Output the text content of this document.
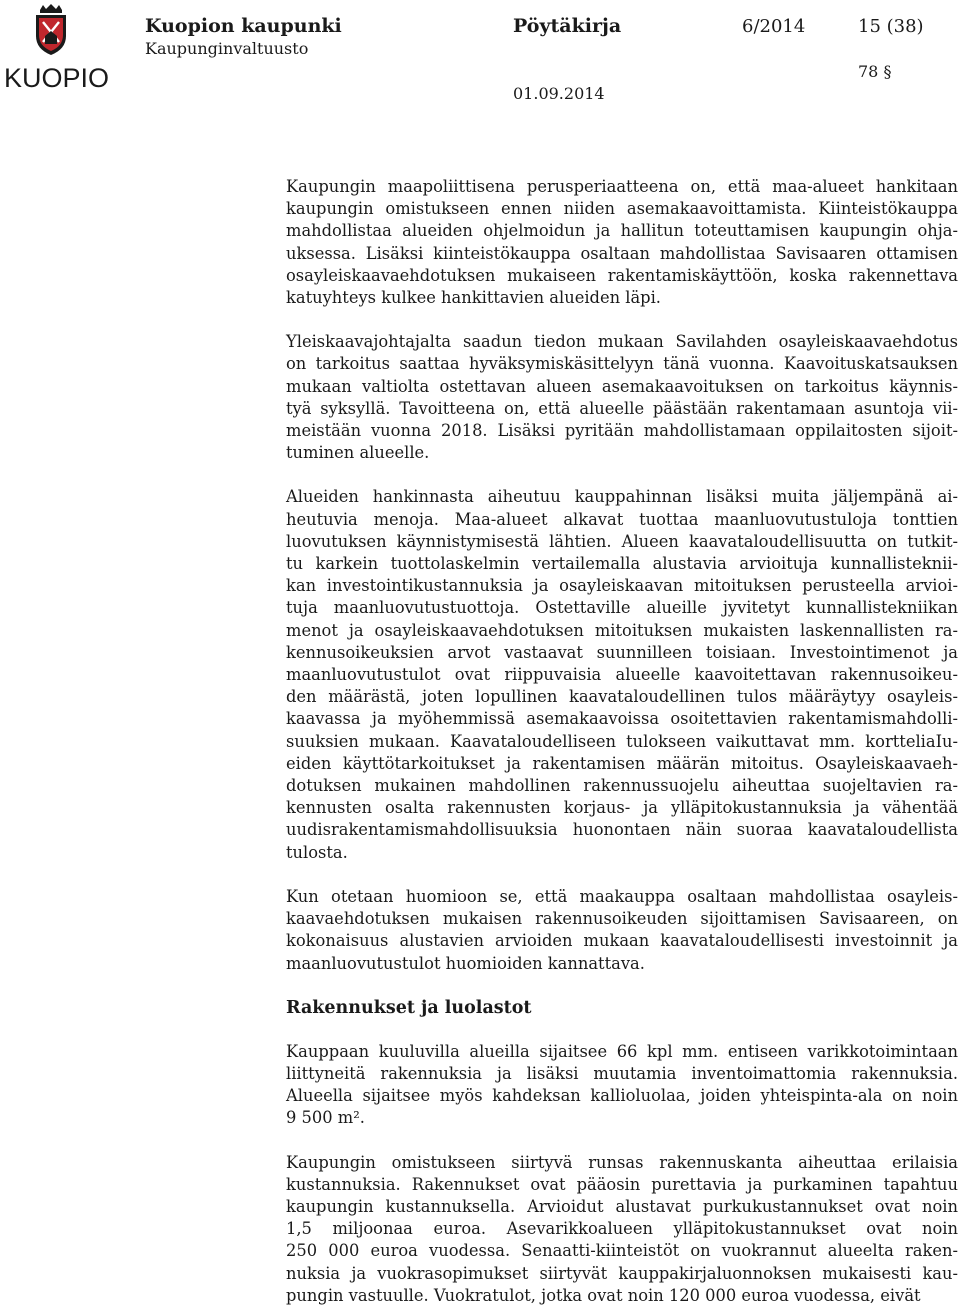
KUOPIO
Kuopion kaupunki
Kaupunginvaltuusto
Pöytäkirja	6/2014	15 (38)
78 §
01.09.2014

Kaupungin maapoliittisena perusperiaatteena on, että maa-alueet hankitaan
kaupungin omistukseen ennen niiden asemakaavoittamista. Kiinteistökauppa
mahdollistaa alueiden ohjelmoidun ja hallitun toteuttamisen kaupungin ohja-
uksessa. Lisäksi kiinteistökauppa osaltaan mahdollistaa Savisaaren ottamisen
osayleiskaavaehdotuksen mukaiseen rakentamiskäyttöön, koska rakennettava
katuyhteys kulkee hankittavien alueiden läpi.

Yleiskaavajohtajalta saadun tiedon mukaan Savilahden osayleiskaavaehdotus
on tarkoitus saattaa hyväksymiskäsittelyyn tänä vuonna. Kaavoituskatsauksen
mukaan valtiolta ostettavan alueen asemakaavoituksen on tarkoitus käynnis-
tyä syksyllä. Tavoitteena on, että alueelle päästään rakentamaan asuntoja vii-
meistään vuonna 2018. Lisäksi pyritään mahdollistamaan oppilaitosten sijoit-
tuminen alueelle.

Alueiden hankinnasta aiheutuu kauppahinnan lisäksi muita jäljempänä ai-
heutuvia menoja. Maa-alueet alkavat tuottaa maanluovutustuloja tonttien
luovutuksen käynnistymisestä lähtien. Alueen kaavataloudellisuutta on tutkit-
tu karkein tuottolaskelmin vertailemalla alustavia arvioituja kunnallisteknii-
kan investointikustannuksia ja osayleiskaavan mitoituksen perusteella arvioi-
tuja maanluovutustuottoja. Ostettaville alueille jyvitetyt kunnallistekniikan
menot ja osayleiskaavaehdotuksen mitoituksen mukaisten laskennallisten ra-
kennusoikeuksien arvot vastaavat suunnilleen toisiaan. Investointimenot ja
maanluovutustulot ovat riippuvaisia alueelle kaavoitettavan rakennusoikeu-
den määrästä, joten lopullinen kaavataloudellinen tulos määräytyy osayleis-
kaavassa ja myöhemmissä asemakaavoissa osoitettavien rakentamismahdolli-
suuksien mukaan. Kaavataloudelliseen tulokseen vaikuttavat mm. kortteliaIu-
eiden käyttötarkoitukset ja rakentamisen määrän mitoitus. Osayleiskaavaeh-
dotuksen mukainen mahdollinen rakennussuojelu aiheuttaa suojeltavien ra-
kennusten osalta rakennusten korjaus- ja ylläpitokustannuksia ja vähentää
uudisrakentamismahdollisuuksia huonontaen näin suoraa kaavataloudellista
tulosta.

Kun otetaan huomioon se, että maakauppa osaltaan mahdollistaa osayleis-
kaavaehdotuksen mukaisen rakennusoikeuden sijoittamisen Savisaareen, on
kokonaisuus alustavien arvioiden mukaan kaavataloudellisesti investoinnit ja
maanluovutustulot huomioiden kannattava.

Rakennukset ja luolastot

Kauppaan kuuluvilla alueilla sijaitsee 66 kpl mm. entiseen varikkotoimintaan
liittyneitä rakennuksia ja lisäksi muutamia inventoimattomia rakennuksia.
Alueella sijaitsee myös kahdeksan kallioluolaa, joiden yhteispinta-ala on noin
9 500 m².

Kaupungin omistukseen siirtyvä runsas rakennuskanta aiheuttaa erilaisia
kustannuksia. Rakennukset ovat pääosin purettavia ja purkaminen tapahtuu
kaupungin kustannuksella. Arvioidut alustavat purkukustannukset ovat noin
1,5 miljoonaa euroa. Asevarikkoalueen ylläpitokustannukset ovat noin
250 000 euroa vuodessa. Senaatti-kiinteistöt on vuokrannut alueelta raken-
nuksia ja vuokrasopimukset siirtyvät kauppakirjaluonnoksen mukaisesti kau-
pungin vastuulle. Vuokratulot, jotka ovat noin 120 000 euroa vuodessa, eivät
